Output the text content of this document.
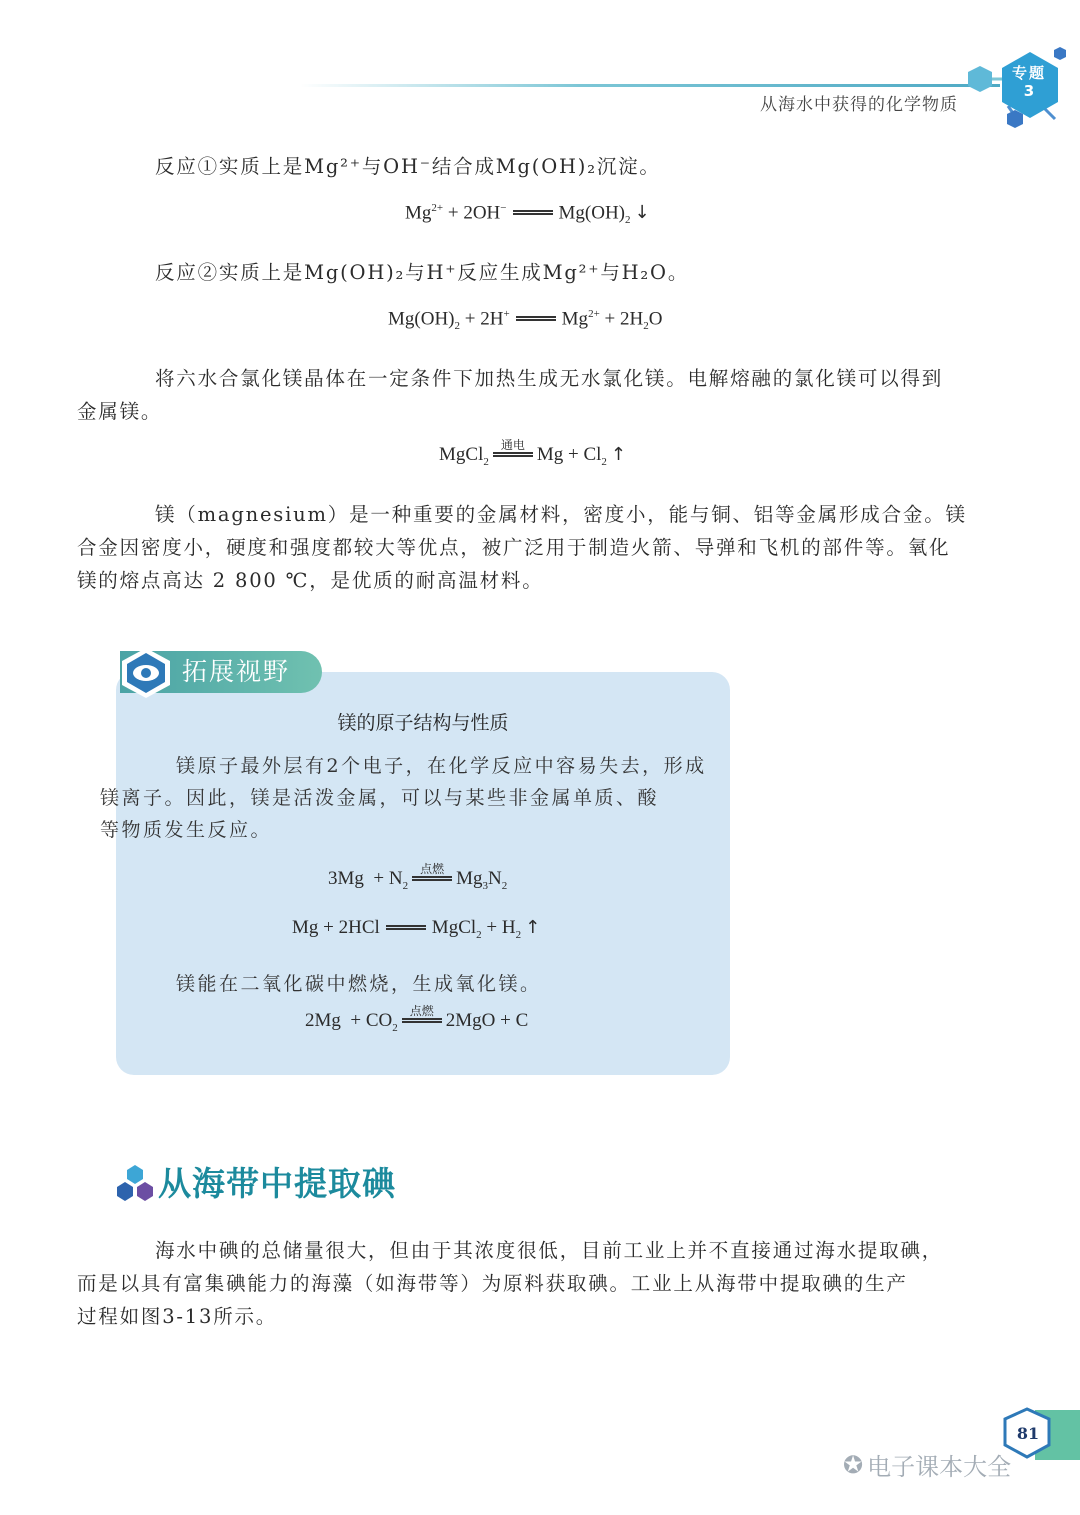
专题
3
从海水中获得的化学物质

反应①实质上是Mg²⁺与OH⁻结合成Mg(OH)₂沉淀。

$Mg^{2+} + 2OH^-$	$Mg(OH)_2$ ↓

反应②实质上是Mg(OH)₂与H⁺反应生成Mg²⁺与H₂O。

$Mg(OH)_2 + 2H^+$	$Mg^{2+} + 2H_2O$

将六水合氯化镁晶体在一定条件下加热生成无水氯化镁。电解熔融的氯化镁可以得到
金属镁。

MgCl$_2$
通电 $Mg + Cl_2$ ↑

镁（magnesium）是一种重要的金属材料，密度小，能与铜、铝等金属形成合金。镁
合金因密度小，硬度和强度都较大等优点，被广泛用于制造火箭、导弹和飞机的部件等。氧化
镁的熔点高达 2 800 ℃，是优质的耐高温材料。

拓展视野
镁的原子结构与性质

镁原子最外层有2个电子，在化学反应中容易失去，形成
镁离子。因此，镁是活泼金属，可以与某些非金属单质、酸
等物质发生反应。

$3Mg + N_2$
点燃 $Mg_3N_2$
Mg + 2HCl	MgCl$_2$ + $H_2$ ↑

镁能在二氧化碳中燃烧，生成氧化镁。

$2Mg + CO_2$
点燃 2MgO + C
从海带中提取碘

海水中碘的总储量很大，但由于其浓度很低，目前工业上并不直接通过海水提取碘，
而是以具有富集碘能力的海藻（如海带等）为原料获取碘。工业上从海带中提取碘的生产
过程如图3-13所示。

81
✪ 电子课本大全
